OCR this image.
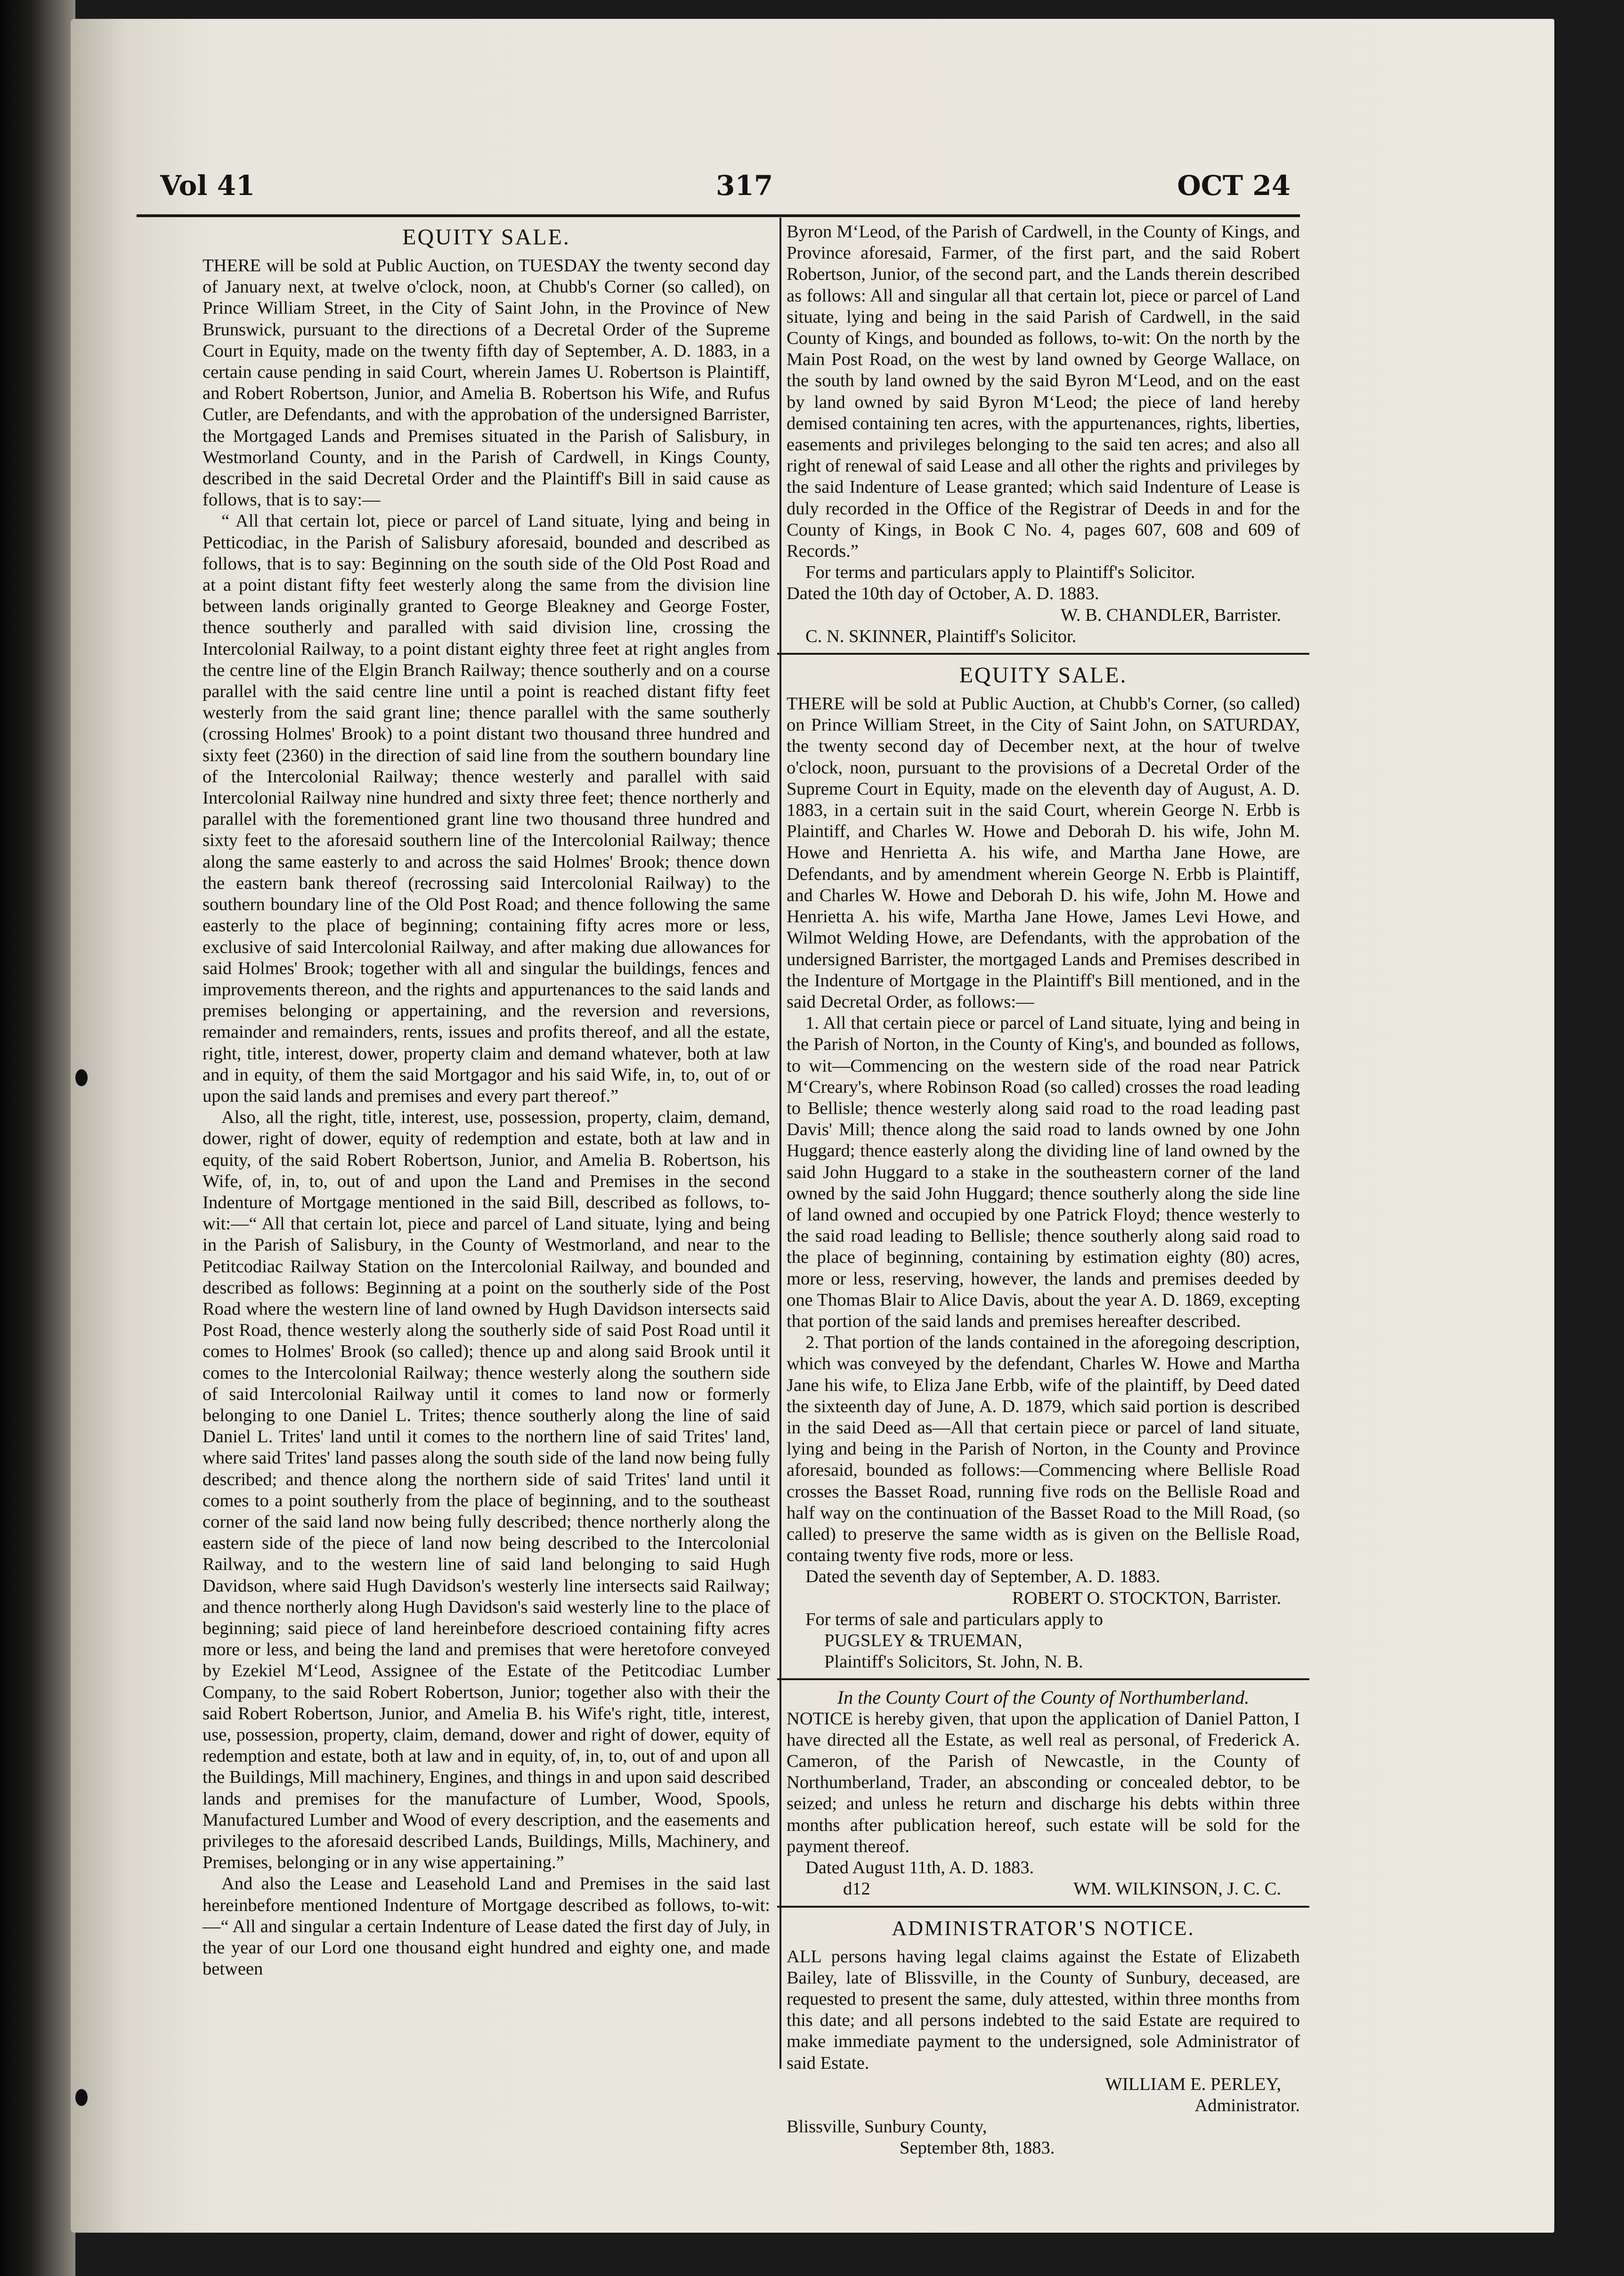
Vol 41	317	OCT 24
EQUITY SALE.

THERE will be sold at Public Auction, on TUESDAY the twenty second day of January next, at twelve o'clock, noon, at Chubb's Corner (so called), on Prince William Street, in the City of Saint John, in the Province of New Brunswick, pursuant to the directions of a Decretal Order of the Supreme Court in Equity, made on the twenty fifth day of September, A. D. 1883, in a certain cause pending in said Court, wherein James U. Robertson is Plaintiff, and Robert Robertson, Junior, and Amelia B. Robertson his Wife, and Rufus Cutler, are Defendants, and with the approbation of the undersigned Barrister, the Mortgaged Lands and Premises situated in the Parish of Salisbury, in Westmorland County, and in the Parish of Cardwell, in Kings County, described in the said Decretal Order and the Plaintiff's Bill in said cause as follows, that is to say:—

“ All that certain lot, piece or parcel of Land situate, lying and being in Petticodiac, in the Parish of Salisbury aforesaid, bounded and described as follows, that is to say: Beginning on the south side of the Old Post Road and at a point distant fifty feet westerly along the same from the division line between lands originally granted to George Bleakney and George Foster, thence southerly and paralled with said division line, crossing the Intercolonial Railway, to a point distant eighty three feet at right angles from the centre line of the Elgin Branch Railway; thence southerly and on a course parallel with the said centre line until a point is reached distant fifty feet westerly from the said grant line; thence parallel with the same southerly (crossing Holmes' Brook) to a point distant two thousand three hundred and sixty feet (2360) in the direction of said line from the southern boundary line of the Intercolonial Railway; thence westerly and parallel with said Intercolonial Railway nine hundred and sixty three feet; thence northerly and parallel with the forementioned grant line two thousand three hundred and sixty feet to the aforesaid southern line of the Intercolonial Railway; thence along the same easterly to and across the said Holmes' Brook; thence down the eastern bank thereof (recrossing said Intercolonial Railway) to the southern boundary line of the Old Post Road; and thence following the same easterly to the place of beginning; containing fifty acres more or less, exclusive of said Intercolonial Railway, and after making due allowances for said Holmes' Brook; together with all and singular the buildings, fences and improvements thereon, and the rights and appurtenances to the said lands and premises belonging or appertaining, and the reversion and reversions, remainder and remainders, rents, issues and profits thereof, and all the estate, right, title, interest, dower, property claim and demand whatever, both at law and in equity, of them the said Mortgagor and his said Wife, in, to, out of or upon the said lands and premises and every part thereof.”

Also, all the right, title, interest, use, possession, property, claim, demand, dower, right of dower, equity of redemption and estate, both at law and in equity, of the said Robert Robertson, Junior, and Amelia B. Robertson, his Wife, of, in, to, out of and upon the Land and Premises in the second Indenture of Mortgage mentioned in the said Bill, described as follows, to-wit:—“ All that certain lot, piece and parcel of Land situate, lying and being in the Parish of Salisbury, in the County of Westmorland, and near to the Petitcodiac Railway Station on the Intercolonial Railway, and bounded and described as follows: Beginning at a point on the southerly side of the Post Road where the western line of land owned by Hugh Davidson intersects said Post Road, thence westerly along the southerly side of said Post Road until it comes to Holmes' Brook (so called); thence up and along said Brook until it comes to the Intercolonial Railway; thence westerly along the southern side of said Intercolonial Railway until it comes to land now or formerly belonging to one Daniel L. Trites; thence southerly along the line of said Daniel L. Trites' land until it comes to the northern line of said Trites' land, where said Trites' land passes along the south side of the land now being fully described; and thence along the northern side of said Trites' land until it comes to a point southerly from the place of beginning, and to the southeast corner of the said land now being fully described; thence northerly along the eastern side of the piece of land now being described to the Intercolonial Railway, and to the western line of said land belonging to said Hugh Davidson, where said Hugh Davidson's westerly line intersects said Railway; and thence northerly along Hugh Davidson's said westerly line to the place of beginning; said piece of land hereinbefore descrioed containing fifty acres more or less, and being the land and premises that were heretofore conveyed by Ezekiel M‘Leod, Assignee of the Estate of the Petitcodiac Lumber Company, to the said Robert Robertson, Junior; together also with their the said Robert Robertson, Junior, and Amelia B. his Wife's right, title, interest, use, possession, property, claim, demand, dower and right of dower, equity of redemption and estate, both at law and in equity, of, in, to, out of and upon all the Buildings, Mill machinery, Engines, and things in and upon said described lands and premises for the manufacture of Lumber, Wood, Spools, Manufactured Lumber and Wood of every description, and the easements and privileges to the aforesaid described Lands, Buildings, Mills, Machinery, and Premises, belonging or in any wise appertaining.”

And also the Lease and Leasehold Land and Premises in the said last hereinbefore mentioned Indenture of Mortgage described as follows, to-wit:—“ All and singular a certain Indenture of Lease dated the first day of July, in the year of our Lord one thousand eight hundred and eighty one, and made between

Byron M‘Leod, of the Parish of Cardwell, in the County of Kings, and Province aforesaid, Farmer, of the first part, and the said Robert Robertson, Junior, of the second part, and the Lands therein described as follows: All and singular all that certain lot, piece or parcel of Land situate, lying and being in the said Parish of Cardwell, in the said County of Kings, and bounded as follows, to-wit: On the north by the Main Post Road, on the west by land owned by George Wallace, on the south by land owned by the said Byron M‘Leod, and on the east by land owned by said Byron M‘Leod; the piece of land hereby demised containing ten acres, with the appurtenances, rights, liberties, easements and privileges belonging to the said ten acres; and also all right of renewal of said Lease and all other the rights and privileges by the said Indenture of Lease granted; which said Indenture of Lease is duly recorded in the Office of the Registrar of Deeds in and for the County of Kings, in Book C No. 4, pages 607, 608 and 609 of Records.”

For terms and particulars apply to Plaintiff's Solicitor.

Dated the 10th day of October, A. D. 1883.

W. B. CHANDLER, Barrister.

C. N. SKINNER, Plaintiff's Solicitor.

EQUITY SALE.

THERE will be sold at Public Auction, at Chubb's Corner, (so called) on Prince William Street, in the City of Saint John, on SATURDAY, the twenty second day of December next, at the hour of twelve o'clock, noon, pursuant to the provisions of a Decretal Order of the Supreme Court in Equity, made on the eleventh day of August, A. D. 1883, in a certain suit in the said Court, wherein George N. Erbb is Plaintiff, and Charles W. Howe and Deborah D. his wife, John M. Howe and Henrietta A. his wife, and Martha Jane Howe, are Defendants, and by amendment wherein George N. Erbb is Plaintiff, and Charles W. Howe and Deborah D. his wife, John M. Howe and Henrietta A. his wife, Martha Jane Howe, James Levi Howe, and Wilmot Welding Howe, are Defendants, with the approbation of the undersigned Barrister, the mortgaged Lands and Premises described in the Indenture of Mortgage in the Plaintiff's Bill mentioned, and in the said Decretal Order, as follows:—

1. All that certain piece or parcel of Land situate, lying and being in the Parish of Norton, in the County of King's, and bounded as follows, to wit—Commencing on the western side of the road near Patrick M‘Creary's, where Robinson Road (so called) crosses the road leading to Bellisle; thence westerly along said road to the road leading past Davis' Mill; thence along the said road to lands owned by one John Huggard; thence easterly along the dividing line of land owned by the said John Huggard to a stake in the southeastern corner of the land owned by the said John Huggard; thence southerly along the side line of land owned and occupied by one Patrick Floyd; thence westerly to the said road leading to Bellisle; thence southerly along said road to the place of beginning, containing by estimation eighty (80) acres, more or less, reserving, however, the lands and premises deeded by one Thomas Blair to Alice Davis, about the year A. D. 1869, excepting that portion of the said lands and premises hereafter described.

2. That portion of the lands contained in the aforegoing description, which was conveyed by the defendant, Charles W. Howe and Martha Jane his wife, to Eliza Jane Erbb, wife of the plaintiff, by Deed dated the sixteenth day of June, A. D. 1879, which said portion is described in the said Deed as—All that certain piece or parcel of land situate, lying and being in the Parish of Norton, in the County and Province aforesaid, bounded as follows:—Commencing where Bellisle Road crosses the Basset Road, running five rods on the Bellisle Road and half way on the continuation of the Basset Road to the Mill Road, (so called) to preserve the same width as is given on the Bellisle Road, containg twenty five rods, more or less.

Dated the seventh day of September, A. D. 1883.

ROBERT O. STOCKTON, Barrister.

For terms of sale and particulars apply to

PUGSLEY & TRUEMAN,

Plaintiff's Solicitors, St. John, N. B.

In the County Court of the County of Northumberland.

NOTICE is hereby given, that upon the application of Daniel Patton, I have directed all the Estate, as well real as personal, of Frederick A. Cameron, of the Parish of Newcastle, in the County of Northumberland, Trader, an absconding or concealed debtor, to be seized; and unless he return and discharge his debts within three months after publication hereof, such estate will be sold for the payment thereof.

Dated August 11th, A. D. 1883.

d12	WM. WILKINSON, J. C. C.

ADMINISTRATOR'S NOTICE.

ALL persons having legal claims against the Estate of Elizabeth Bailey, late of Blissville, in the County of Sunbury, deceased, are requested to present the same, duly attested, within three months from this date; and all persons indebted to the said Estate are required to make immediate payment to the undersigned, sole Administrator of said Estate.

WILLIAM E. PERLEY,

Administrator.

Blissville, Sunbury County,

September 8th, 1883.
